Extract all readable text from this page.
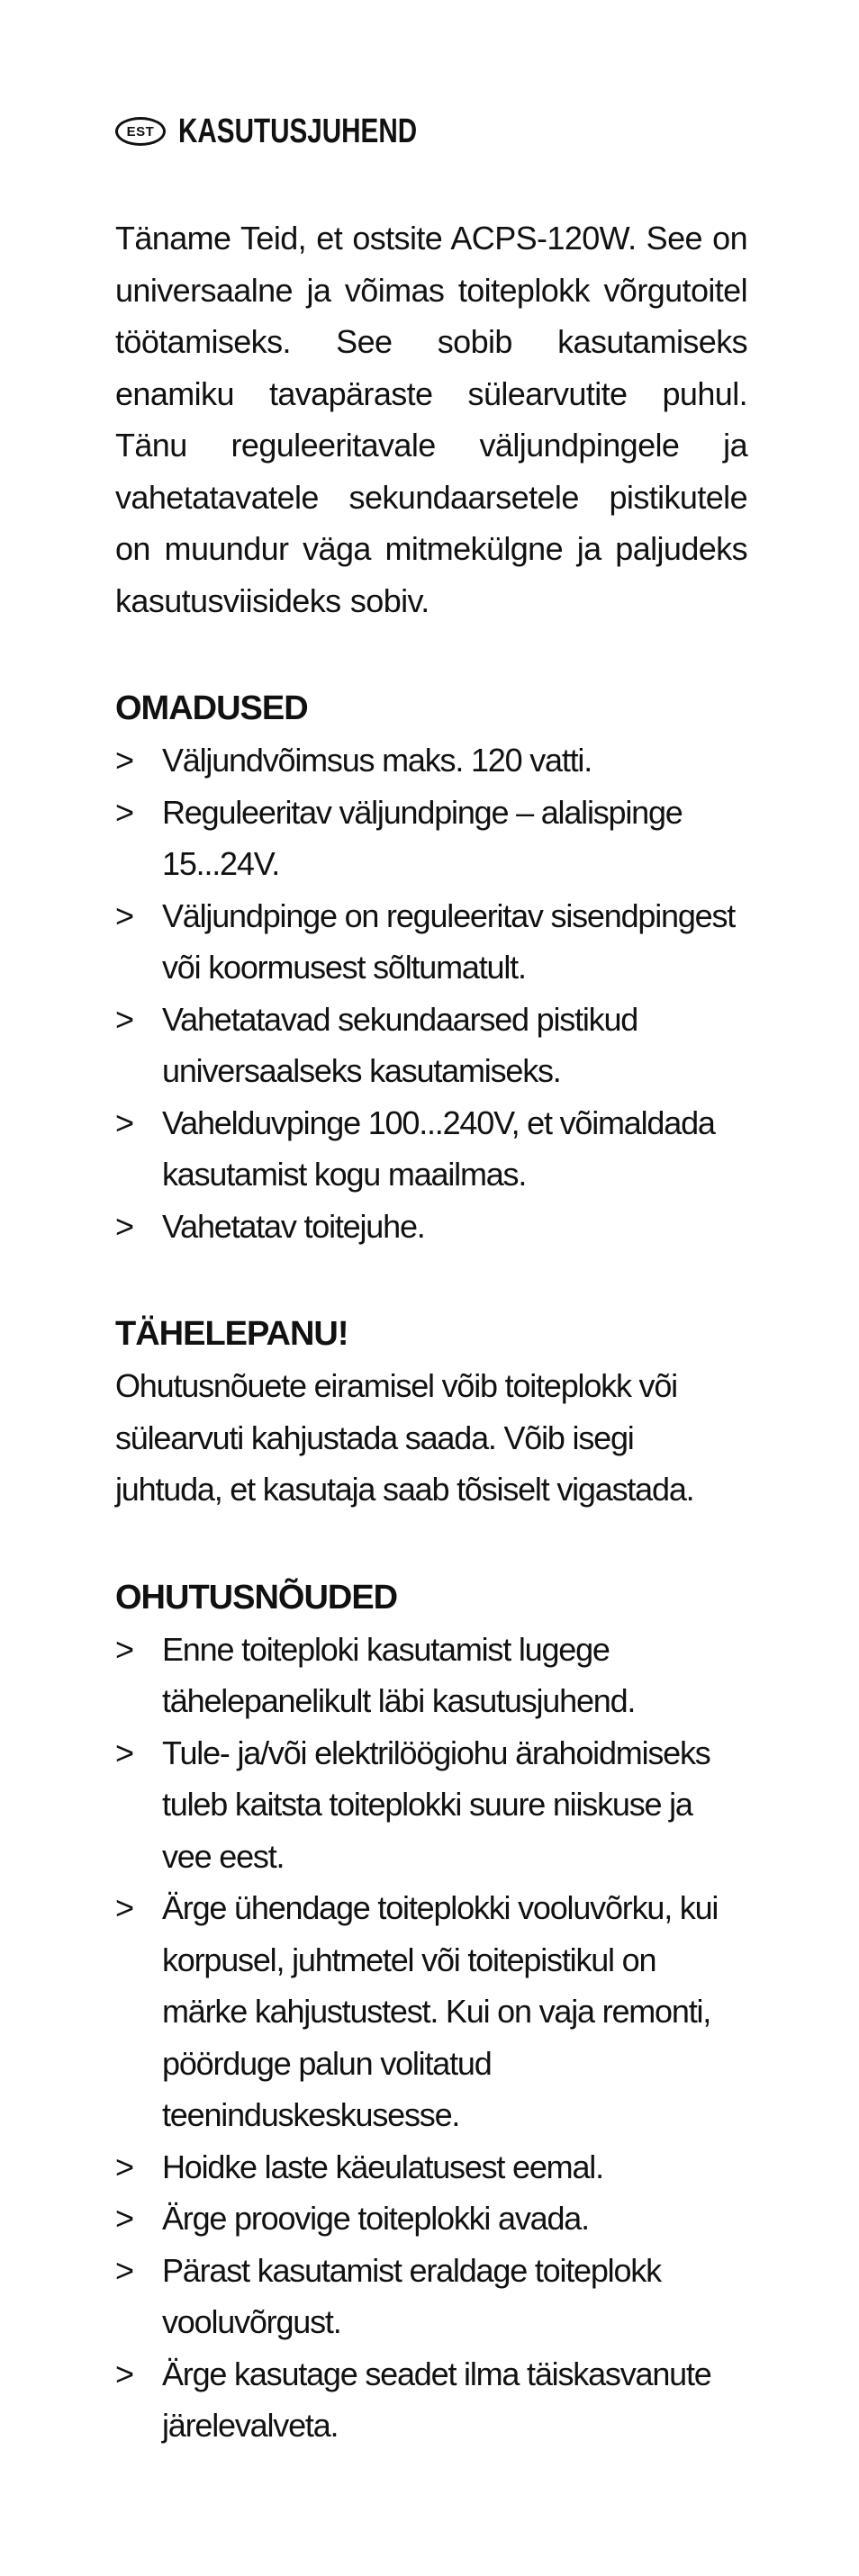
EST KASUTUSJUHEND

Täname Teid, et ostsite ACPS-120W. See on universaalne ja võimas toiteplokk võrgutoitel töötamiseks. See sobib kasutamiseks enamiku tavapäraste sülearvutite puhul. Tänu reguleeritavale väljundpingele ja vahetatavatele sekundaarsetele pistikutele on muundur väga mitmekülgne ja paljudeks kasutusviisideks sobiv.

OMADUSED
> Väljundvõimsus maks. 120 vatti.
> Reguleeritav väljundpinge – alalispinge 15...24V.
> Väljundpinge on reguleeritav sisendpingest või koormusest sõltumatult.
> Vahetatavad sekundaarsed pistikud universaalseks kasutamiseks.
> Vahelduvpinge 100...240V, et võimaldada kasutamist kogu maailmas.
> Vahetatav toitejuhe.
TÄHELEPANU!
Ohutusnõuete eiramisel võib toiteplokk või sülearvuti kahjustada saada. Võib isegi juhtuda, et kasutaja saab tõsiselt vigastada.
OHUTUSNÕUDED
> Enne toiteploki kasutamist lugege tähelepanelikult läbi kasutusjuhend.
> Tule- ja/või elektrilöögiohu ärahoidmiseks tuleb kaitsta toiteplokki suure niiskuse ja vee eest.
> Ärge ühendage toiteplokki vooluvõrku, kui korpusel, juhtmetel või toitepistikul on märke kahjustustest. Kui on vaja remonti, pöörduge palun volitatud teeninduskeskusesse.
> Hoidke laste käeulatusest eemal.
> Ärge proovige toiteplokki avada.
> Pärast kasutamist eraldage toiteplokk vooluvõrgust.
> Ärge kasutage seadet ilma täiskasvanute järelevalveta.
